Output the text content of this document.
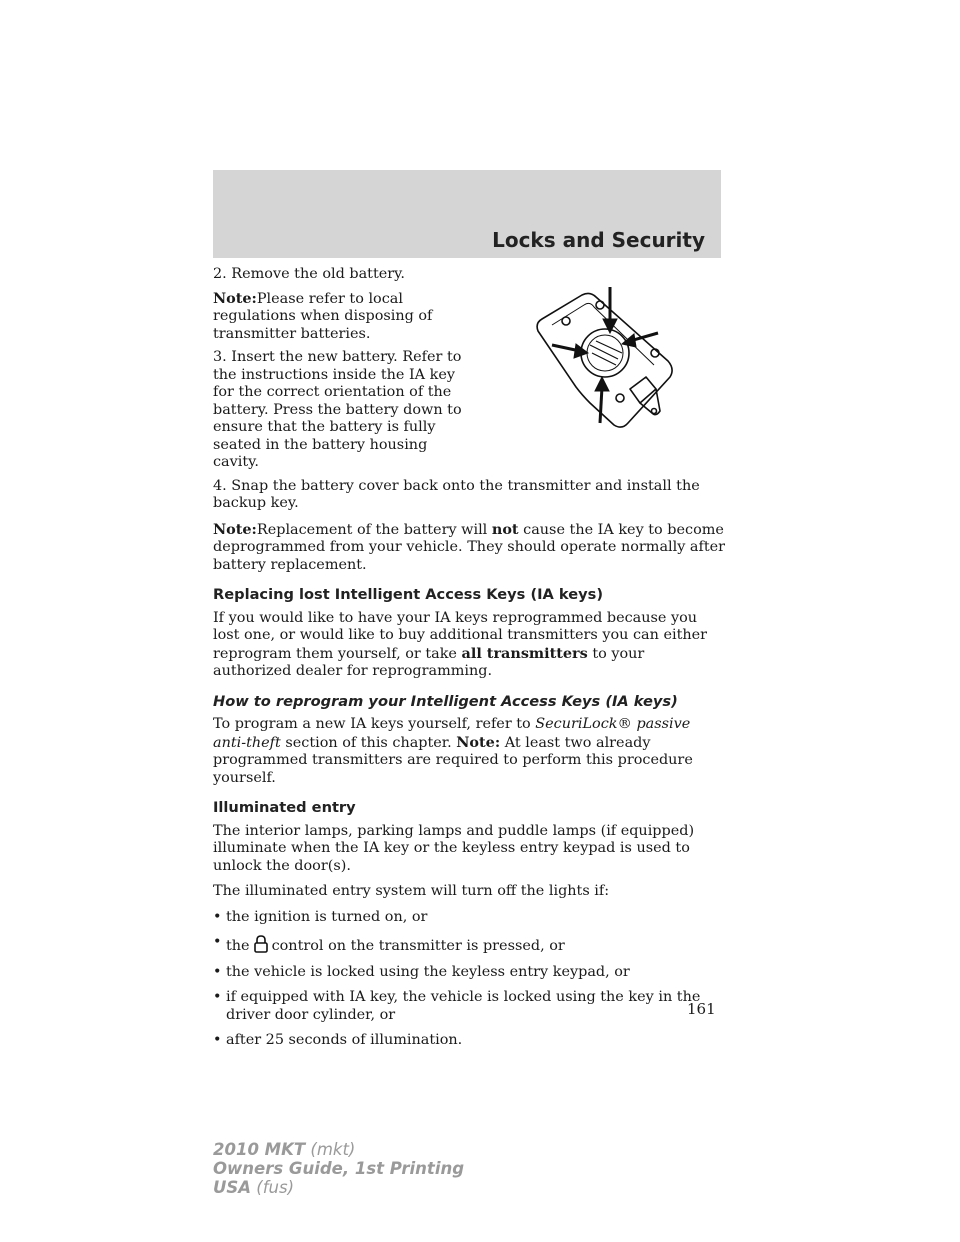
Locks and Security

2. Remove the old battery.

Note:Please refer to local regulations when disposing of transmitter batteries.

3. Insert the new battery. Refer to the instructions inside the IA key for the correct orientation of the battery. Press the battery down to ensure that the battery is fully seated in the battery housing cavity.

4. Snap the battery cover back onto the transmitter and install the backup key.

Note:Replacement of the battery will not cause the IA key to become deprogrammed from your vehicle. They should operate normally after battery replacement.

Replacing lost Intelligent Access Keys (IA keys)

If you would like to have your IA keys reprogrammed because you lost one, or would like to buy additional transmitters you can either reprogram them yourself, or take all transmitters to your authorized dealer for reprogramming.

How to reprogram your Intelligent Access Keys (IA keys)

To program a new IA keys yourself, refer to SecuriLock® passive anti-theft section of this chapter. Note: At least two already programmed transmitters are required to perform this procedure yourself.

Illuminated entry

The interior lamps, parking lamps and puddle lamps (if equipped) illuminate when the IA key or the keyless entry keypad is used to unlock the door(s).

The illuminated entry system will turn off the lights if:

• the ignition is turned on, or
• the control on the transmitter is pressed, or
• the vehicle is locked using the keyless entry keypad, or
• if equipped with IA key, the vehicle is locked using the key in the driver door cylinder, or
• after 25 seconds of illumination.
161
2010 MKT (mkt)
Owners Guide, 1st Printing
USA (fus)
